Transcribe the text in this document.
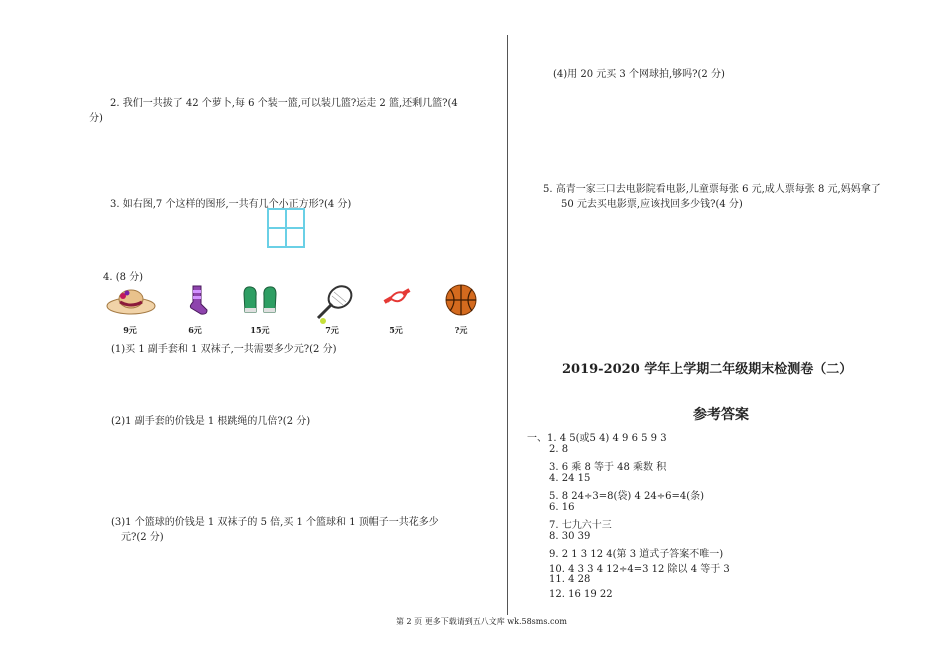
2. 我们一共拔了 42 个萝卜,每 6 个装一篮,可以装几篮?运走 2 篮,还剩几篮?(4
分)
3. 如右图,7 个这样的图形,一共有几个小正方形?(4 分)
4. (8 分)
9元	6元	15元	7元	5元	?元
(1)买 1 副手套和 1 双袜子,一共需要多少元?(2 分)
(2)1 副手套的价钱是 1 根跳绳的几倍?(2 分)
(3)1 个篮球的价钱是 1 双袜子的 5 倍,买 1 个篮球和 1 顶帽子一共花多少
元?(2 分)
(4)用 20 元买 3 个网球拍,够吗?(2 分)
5. 高青一家三口去电影院看电影,儿童票每张 6 元,成人票每张 8 元,妈妈拿了
50 元去买电影票,应该找回多少钱?(4 分)
2019-2020 学年上学期二年级期末检测卷（二）
参考答案
一、1. 4 5(或5 4) 4 9 6 5 9 3
2. 8
3. 6 乘 8 等于 48 乘数 积
4. 24 15
5. 8 24÷3=8(袋) 4 24÷6=4(条)
6. 16
7. 七九六十三
8. 30 39
9. 2 1 3 12 4(第 3 道式子答案不唯一)
10. 4 3 3 4 12÷4=3 12 除以 4 等于 3
11. 4 28
12. 16 19 22
第 2 页 更多下载请到五八文库 wk.58sms.com
